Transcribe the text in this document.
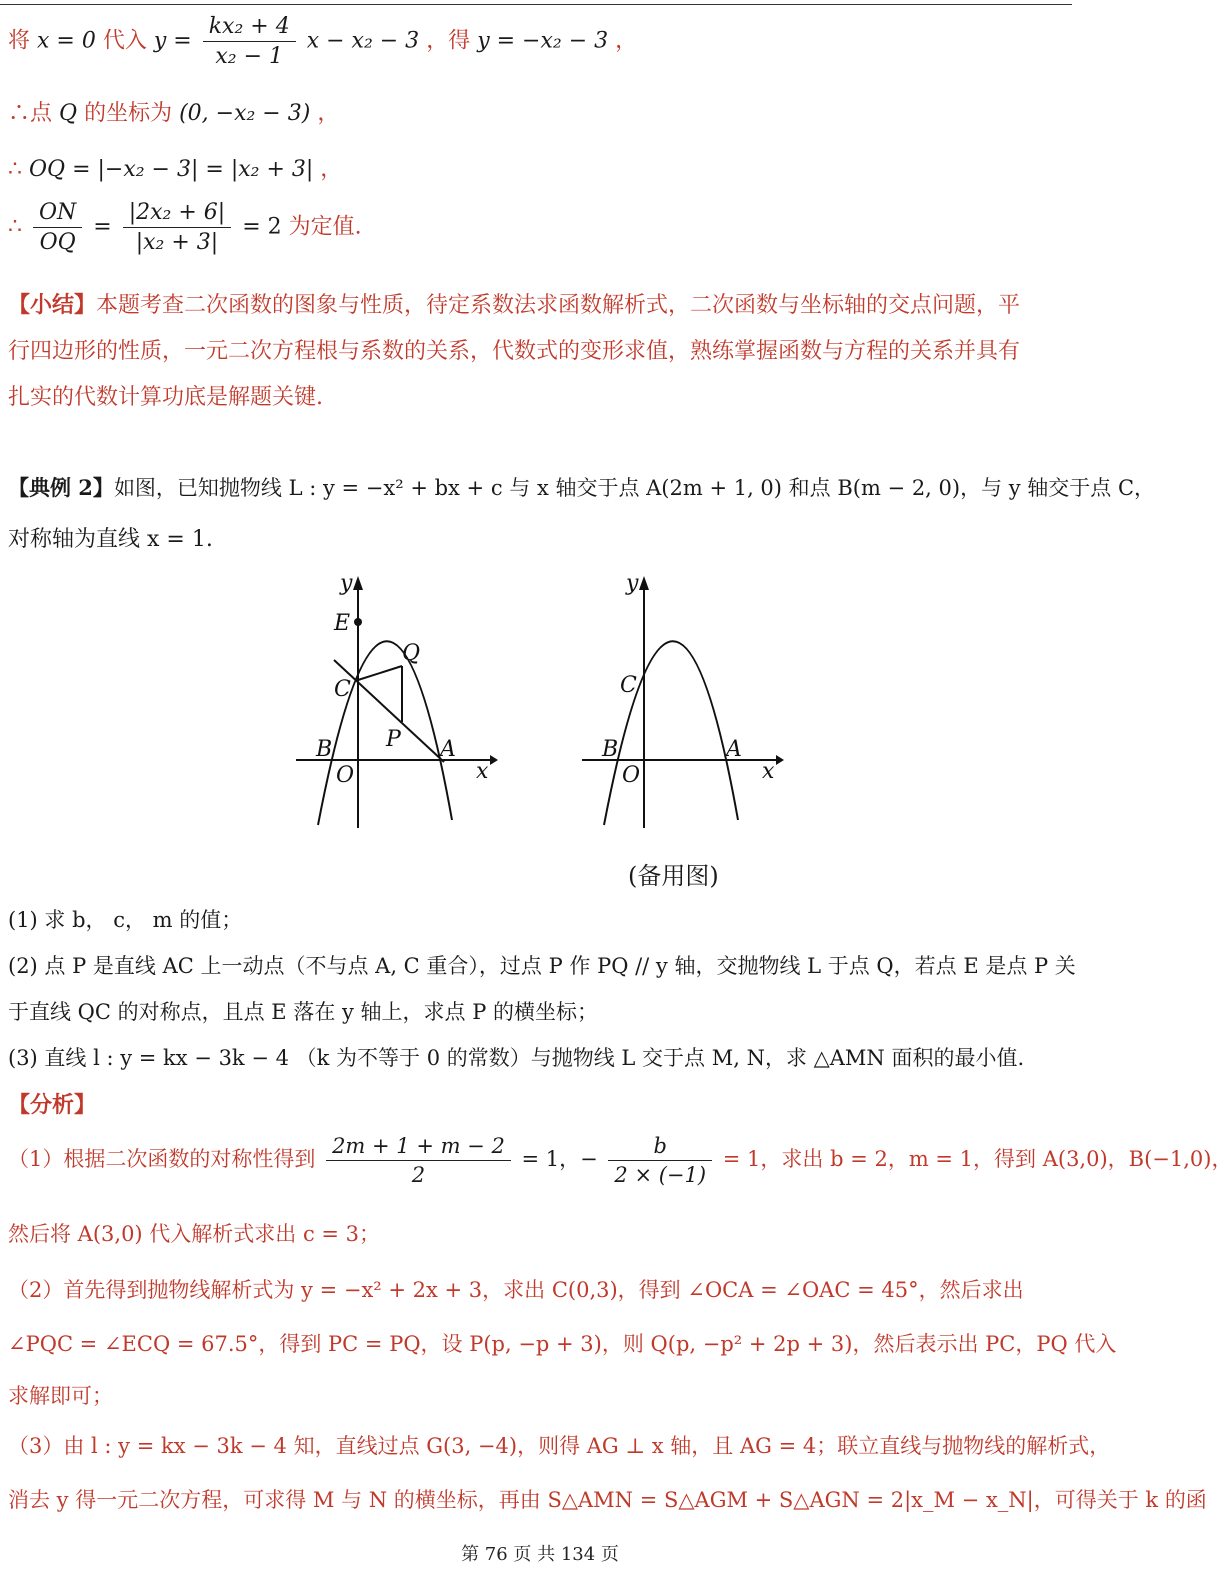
将 x = 0 代入 $y = \frac{\text{kx₂ + 4}}{\text{x₂ − 1}}$ x − x₂ − 3 ，得 y = −x₂ − 3 ，
∴点 Q 的坐标为 (0, −x₂ − 3) ，
∴ OQ = |−x₂ − 3| = |x₂ + 3| ，
∴ $\frac{ON}{OQ} = \frac{\text{|2x₂ + 6|}}{\text{|x₂ + 3|}} = 2$ 为定值.
【小结】本题考查二次函数的图象与性质，待定系数法求函数解析式，二次函数与坐标轴的交点问题，平
行四边形的性质，一元二次方程根与系数的关系，代数式的变形求值，熟练掌握函数与方程的关系并具有
扎实的代数计算功底是解题关键.
【典例 2】如图，已知抛物线 L : y = −x² + bx + c 与 x 轴交于点 A(2m + 1, 0) 和点 B(m − 2, 0)，与 y 轴交于点 C，
对称轴为直线 x = 1.
y
x
E
Q
C
P
B	A
O
y
x
C
B	A
O
(备用图)
(1) 求 b， c， m 的值；
(2) 点 P 是直线 AC 上一动点（不与点 A, C 重合），过点 P 作 PQ // y 轴，交抛物线 L 于点 Q，若点 E 是点 P 关
于直线 QC 的对称点，且点 E 落在 y 轴上，求点 P 的横坐标；
(3) 直线 l : y = kx − 3k − 4 （k 为不等于 0 的常数）与抛物线 L 交于点 M, N，求 △AMN 面积的最小值.
【分析】
（1）根据二次函数的对称性得到 $\frac{2m + 1 + m - 2}{2} = 1$，− $\frac{b}{2 \times (-1)} = 1$，求出 b = 2，m = 1，得到 A(3,0)，B(−1,0)，
然后将 A(3,0) 代入解析式求出 c = 3；
（2）首先得到抛物线解析式为 y = −x² + 2x + 3，求出 C(0,3)，得到 ∠OCA = ∠OAC = 45°，然后求出
∠PQC = ∠ECQ = 67.5°，得到 PC = PQ，设 P(p, −p + 3)，则 Q(p, −p² + 2p + 3)，然后表示出 PC，PQ 代入
求解即可；
（3）由 l : y = kx − 3k − 4 知，直线过点 G(3, −4)，则得 AG ⊥ x 轴，且 AG = 4；联立直线与抛物线的解析式，
消去 y 得一元二次方程，可求得 M 与 N 的横坐标，再由 S△AMN = S△AGM + S△AGN = 2|x_M − x_N|，可得关于 k 的函
第 76 页 共 134 页
